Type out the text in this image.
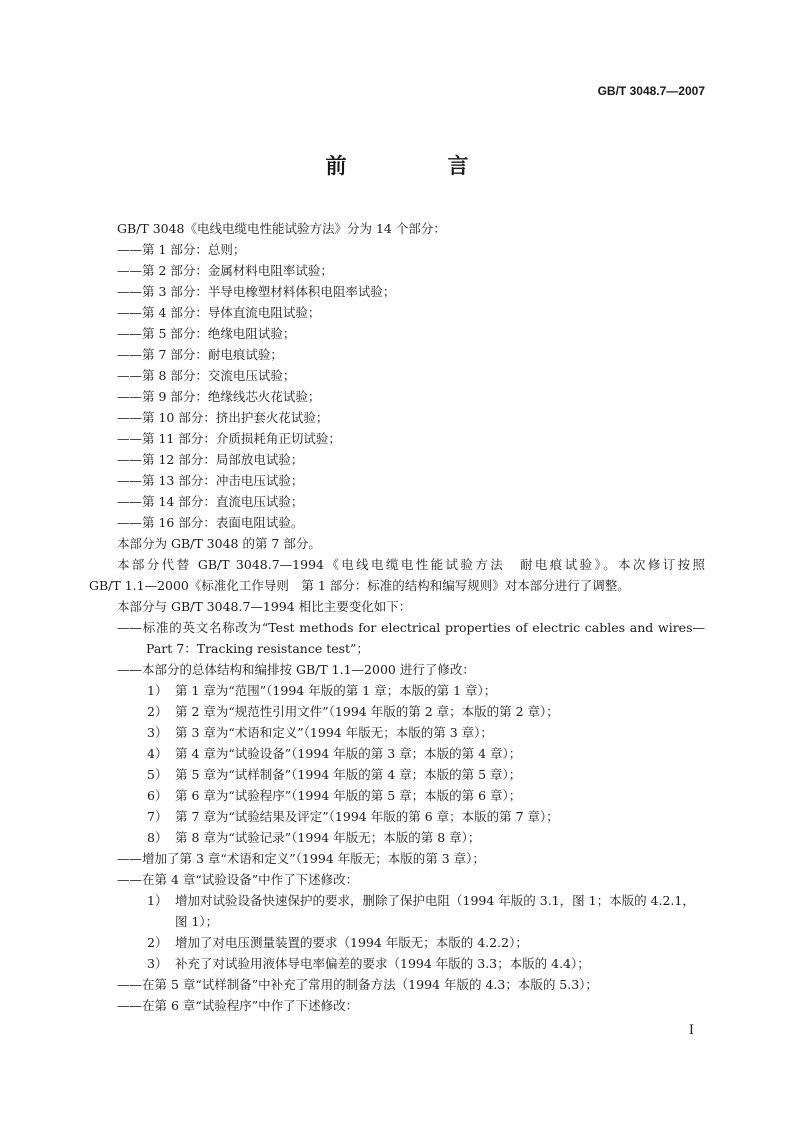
GB/T 3048.7—2007
前　言
GB/T 3048《电线电缆电性能试验方法》分为 14 个部分：
——第 1 部分：总则；
——第 2 部分：金属材料电阻率试验；
——第 3 部分：半导电橡塑材料体积电阻率试验；
——第 4 部分：导体直流电阻试验；
——第 5 部分：绝缘电阻试验；
——第 7 部分：耐电痕试验；
——第 8 部分：交流电压试验；
——第 9 部分：绝缘线芯火花试验；
——第 10 部分：挤出护套火花试验；
——第 11 部分：介质损耗角正切试验；
——第 12 部分：局部放电试验；
——第 13 部分：冲击电压试验；
——第 14 部分：直流电压试验；
——第 16 部分：表面电阻试验。
本部分为 GB/T 3048 的第 7 部分。
本部分代替 GB/T 3048.7—1994《电线电缆电性能试验方法　耐电痕试验》。本次修订按照
GB/T 1.1—2000《标准化工作导则　第 1 部分：标准的结构和编写规则》对本部分进行了调整。
本部分与 GB/T 3048.7—1994 相比主要变化如下：
——标准的英文名称改为“Test methods for electrical properties of electric cables and wires—
Part 7：Tracking resistance test”；
——本部分的总体结构和编排按 GB/T 1.1—2000 进行了修改：
1） 第 1 章为“范围”（1994 年版的第 1 章；本版的第 1 章）；
2） 第 2 章为“规范性引用文件”（1994 年版的第 2 章；本版的第 2 章）；
3） 第 3 章为“术语和定义”（1994 年版无；本版的第 3 章）；
4） 第 4 章为“试验设备”（1994 年版的第 3 章；本版的第 4 章）；
5） 第 5 章为“试样制备”（1994 年版的第 4 章；本版的第 5 章）；
6） 第 6 章为“试验程序”（1994 年版的第 5 章；本版的第 6 章）；
7） 第 7 章为“试验结果及评定”（1994 年版的第 6 章；本版的第 7 章）；
8） 第 8 章为“试验记录”（1994 年版无；本版的第 8 章）；
——增加了第 3 章“术语和定义”（1994 年版无；本版的第 3 章）；
——在第 4 章“试验设备”中作了下述修改：
1） 增加对试验设备快速保护的要求，删除了保护电阻（1994 年版的 3.1，图 1；本版的 4.2.1，
图 1）；
2） 增加了对电压测量装置的要求（1994 年版无；本版的 4.2.2）；
3） 补充了对试验用液体导电率偏差的要求（1994 年版的 3.3；本版的 4.4）；
——在第 5 章“试样制备”中补充了常用的制备方法（1994 年版的 4.3；本版的 5.3）；
——在第 6 章“试验程序”中作了下述修改：
I
